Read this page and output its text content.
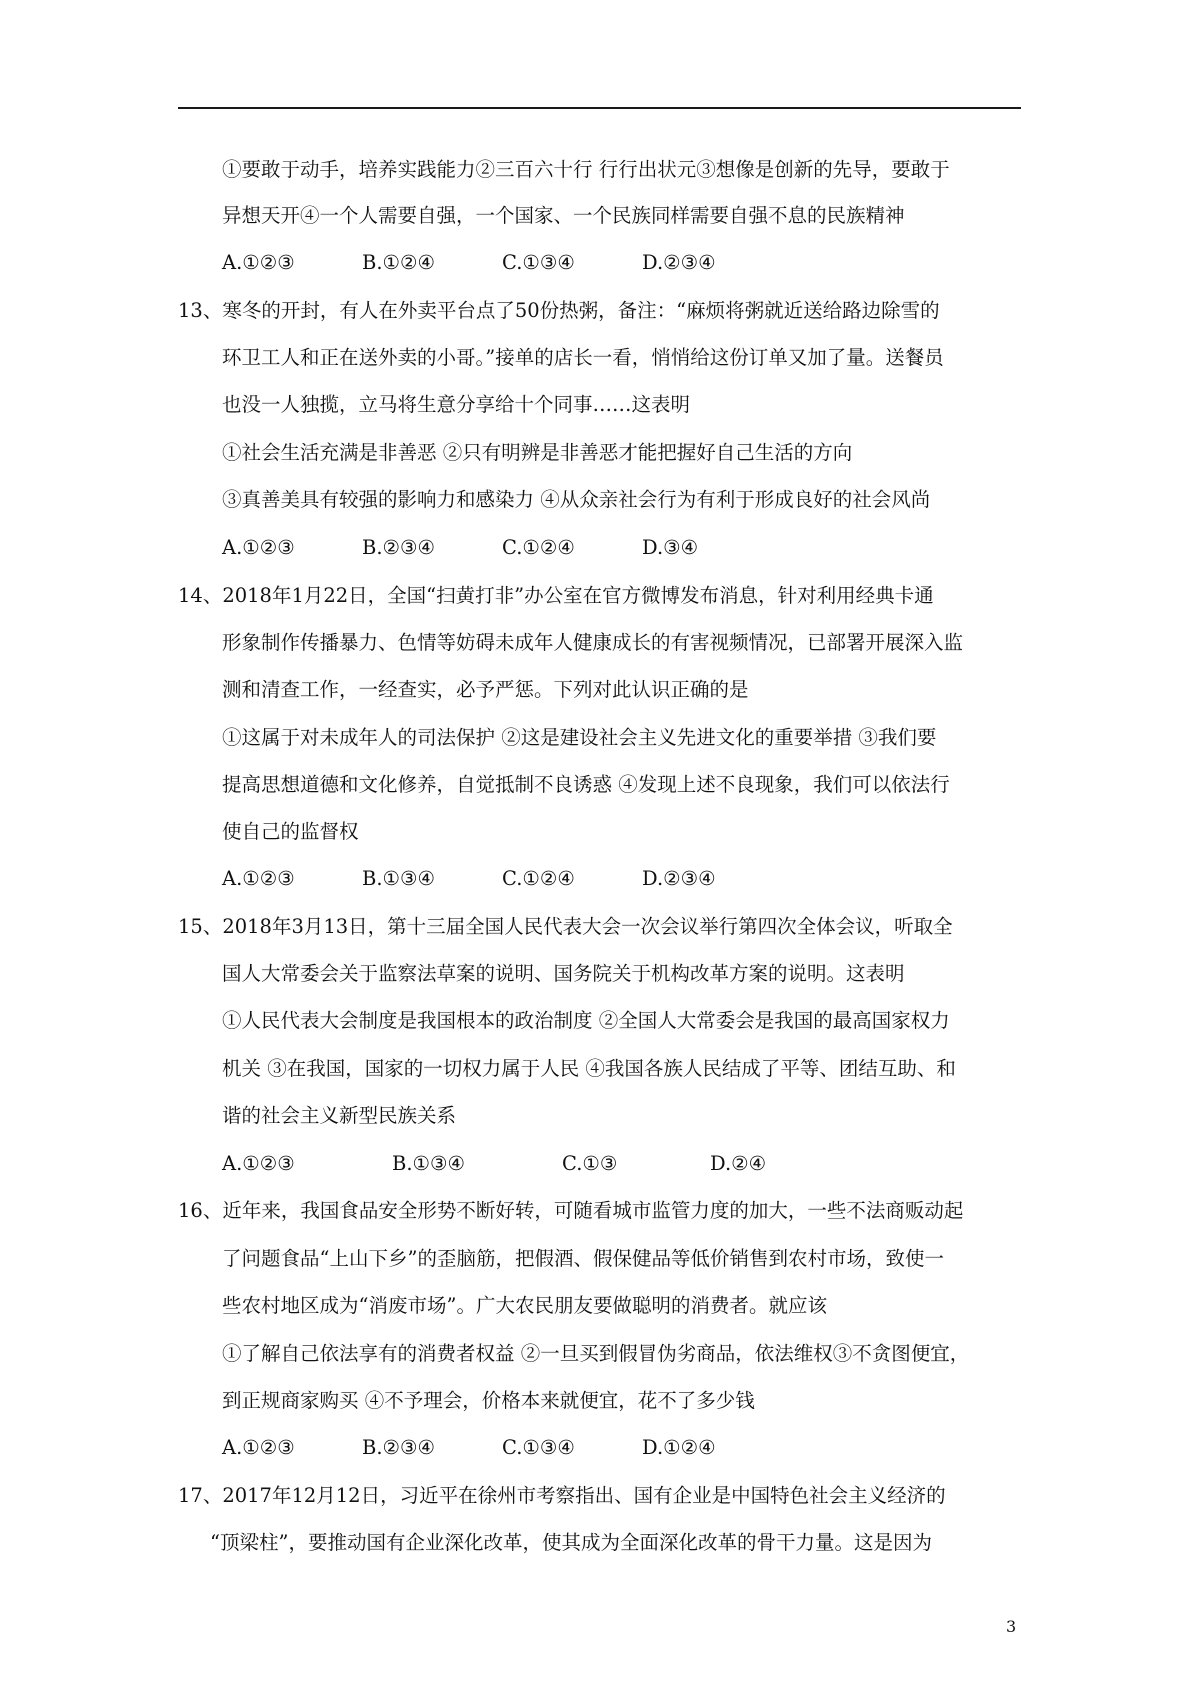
①要敢于动手，培养实践能力②三百六十行 行行出状元③想像是创新的先导，要敢于
异想天开④一个人需要自强，一个国家、一个民族同样需要自强不息的民族精神
A.①②③	B.①②④	C.①③④	D.②③④
13、寒冬的开封，有人在外卖平台点了50份热粥，备注：“麻烦将粥就近送给路边除雪的
环卫工人和正在送外卖的小哥。”接单的店长一看，悄悄给这份订单又加了量。送餐员
也没一人独揽，立马将生意分享给十个同事……这表明
①社会生活充满是非善恶 ②只有明辨是非善恶才能把握好自己生活的方向
③真善美具有较强的影响力和感染力 ④从众亲社会行为有利于形成良好的社会风尚
A.①②③	B.②③④	C.①②④	D.③④
14、2018年1月22日，全国“扫黄打非”办公室在官方微博发布消息，针对利用经典卡通
形象制作传播暴力、色情等妨碍未成年人健康成长的有害视频情况，已部署开展深入监
测和清查工作，一经查实，必予严惩。下列对此认识正确的是
①这属于对未成年人的司法保护 ②这是建设社会主义先进文化的重要举措 ③我们要
提高思想道德和文化修养，自觉抵制不良诱惑 ④发现上述不良现象，我们可以依法行
使自己的监督权
A.①②③	B.①③④	C.①②④	D.②③④
15、2018年3月13日，第十三届全国人民代表大会一次会议举行第四次全体会议，听取全
国人大常委会关于监察法草案的说明、国务院关于机构改革方案的说明。这表明
①人民代表大会制度是我国根本的政治制度 ②全国人大常委会是我国的最高国家权力
机关 ③在我国，国家的一切权力属于人民 ④我国各族人民结成了平等、团结互助、和
谐的社会主义新型民族关系
A.①②③	B.①③④	C.①③	D.②④
16、近年来，我国食品安全形势不断好转，可随看城市监管力度的加大，一些不法商贩动起
了问题食品“上山下乡”的歪脑筋，把假酒、假保健品等低价销售到农村市场，致使一
些农村地区成为“消废市场”。广大农民朋友要做聪明的消费者。就应该
①了解自己依法享有的消费者权益 ②一旦买到假冒伪劣商品，依法维权③不贪图便宜，
到正规商家购买 ④不予理会，价格本来就便宜，花不了多少钱
A.①②③	B.②③④	C.①③④	D.①②④
17、2017年12月12日，习近平在徐州市考察指出、国有企业是中国特色社会主义经济的
“顶梁柱”，要推动国有企业深化改革，使其成为全面深化改革的骨干力量。这是因为
3
